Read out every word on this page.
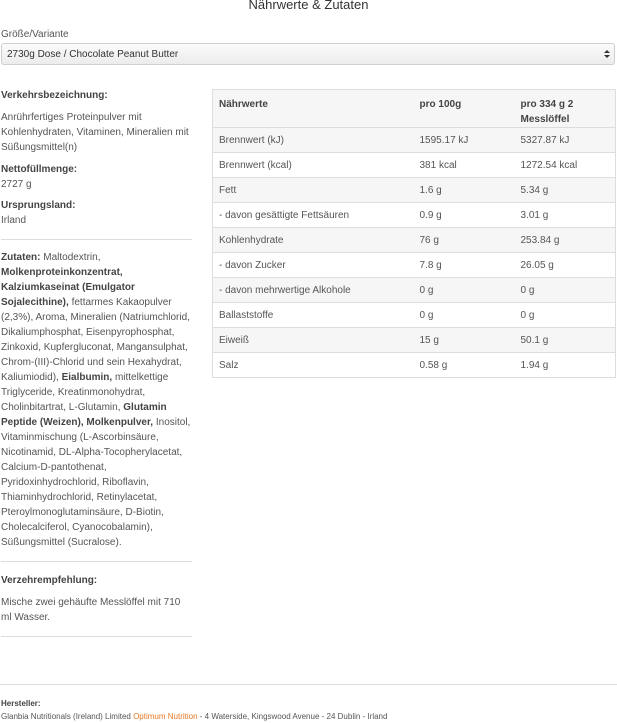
Nährwerte & Zutaten
Größe/Variante
2730g Dose / Chocolate Peanut Butter
Verkehrsbezeichnung:
Anrührfertiges Proteinpulver mit Kohlenhydraten, Vitaminen, Mineralien mit Süßungsmittel(n)
Nettofüllmenge:
2727 g
Ursprungsland:
Irland
Zutaten: Maltodextrin, Molkenproteinkonzentrat, Kalziumkaseinat (Emulgator Sojalecithine), fettarmes Kakaopulver (2,3%), Aroma, Mineralien (Natriumchlorid, Dikaliumphosphat, Eisenpyrophosphat, Zinkoxid, Kupfergluconat, Mangansulphat, Chrom-(III)-Chlorid und sein Hexahydrat, Kaliumiodid), Eialbumin, mittelkettige Triglyceride, Kreatinmonohydrat, Cholinbitartrat, L-Glutamin, Glutamin Peptide (Weizen), Molkenpulver, Inositol, Vitaminmischung (L-Ascorbinsäure, Nicotinamid, DL-Alpha-Tocopherylacetat, Calcium-D-pantothenat, Pyridoxinhydrochlorid, Riboflavin, Thiaminhydrochlorid, Retinylacetat, Pteroylmonoglutaminsäure, D-Biotin, Cholecalciferol, Cyanocobalamin), Süßungsmittel (Sucralose).
Verzehrempfehlung:
Mische zwei gehäufte Messlöffel mit 710 ml Wasser.
Nährwerte	pro 100g	pro 334 g 2 Messlöffel
Brennwert (kJ)	1595.17 kJ	5327.87 kJ
Brennwert (kcal)	381 kcal	1272.54 kcal
Fett	1.6 g	5.34 g
- davon gesättigte Fettsäuren	0.9 g	3.01 g
Kohlenhydrate	76 g	253.84 g
- davon Zucker	7.8 g	26.05 g
- davon mehrwertige Alkohole	0 g	0 g
Ballaststoffe	0 g	0 g
Eiweiß	15 g	50.1 g
Salz	0.58 g	1.94 g
Hersteller:
Glanbia Nutritionals (Ireland) Limited Optimum Nutrition - 4 Waterside, Kingswood Avenue - 24 Dublin - Irland
